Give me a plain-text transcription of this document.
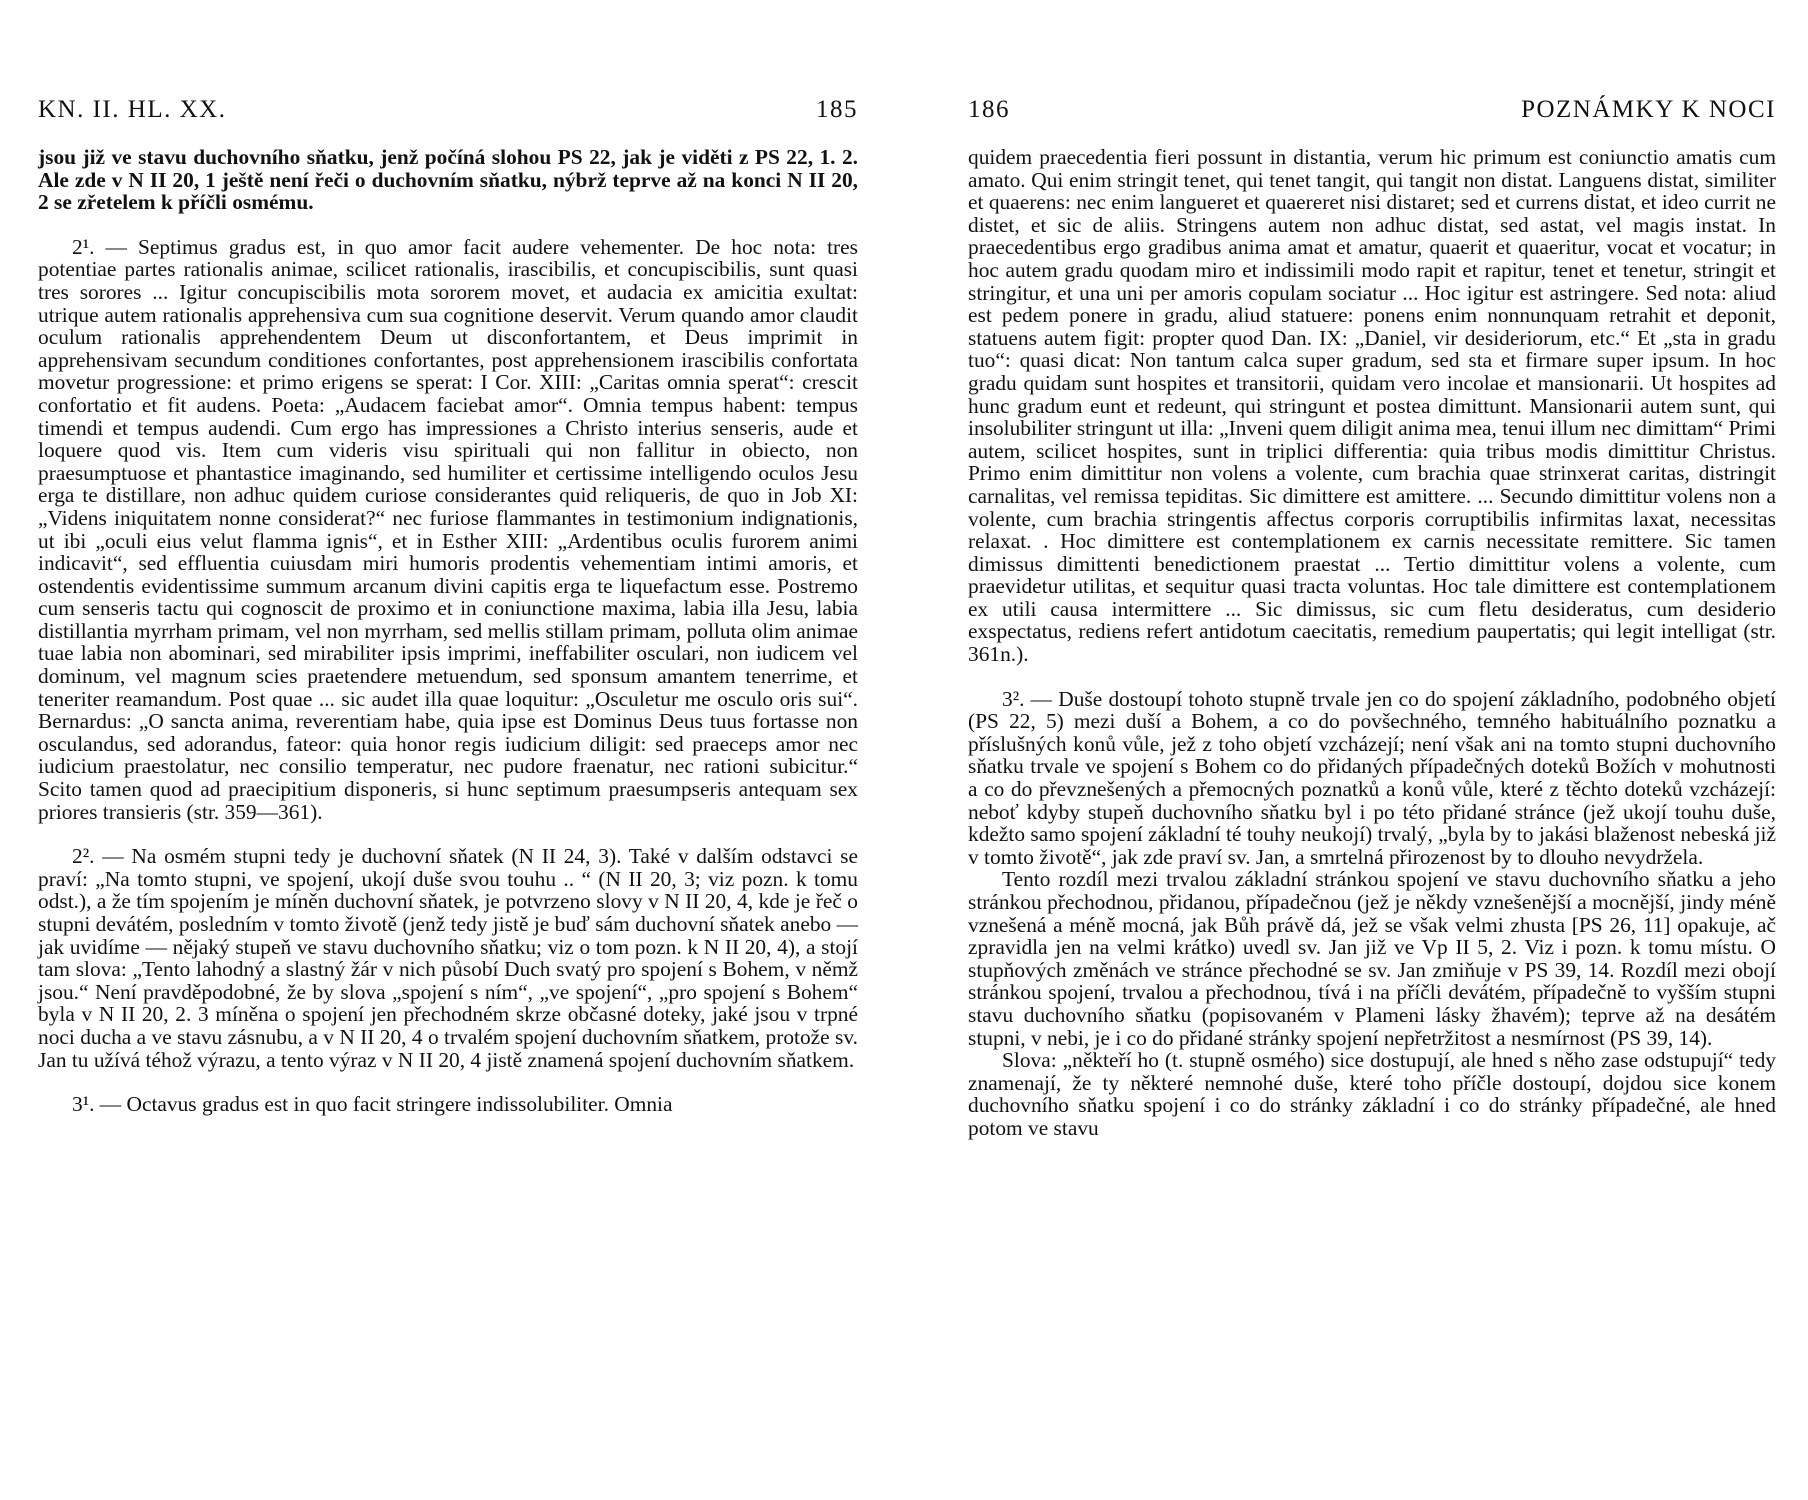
KN. II. HL. XX.	185

jsou již ve stavu duchovního sňatku, jenž počíná slohou PS 22, jak je viděti z PS 22, 1. 2. Ale zde v N II 20, 1 ještě není řeči o duchovním sňatku, nýbrž teprve až na konci N II 20, 2 se zřetelem k příčli osmému.

2¹. — Septimus gradus est, in quo amor facit audere vehementer. De hoc nota: tres potentiae partes rationalis animae, scilicet rationalis, irascibilis, et concupiscibilis, sunt quasi tres sorores ... Igitur concupiscibilis mota sororem movet, et audacia ex amicitia exultat: utrique autem rationalis apprehensiva cum sua cognitione deservit. Verum quando amor claudit oculum rationalis apprehendentem Deum ut disconfortantem, et Deus imprimit in apprehensivam secundum conditiones confortantes, post apprehensionem irascibilis confortata movetur progressione: et primo erigens se sperat: I Cor. XIII: „Caritas omnia sperat“: crescit confortatio et fit audens. Poeta: „Audacem faciebat amor“. Omnia tempus habent: tempus timendi et tempus audendi. Cum ergo has impressiones a Christo interius senseris, aude et loquere quod vis. Item cum videris visu spirituali qui non fallitur in obiecto, non praesumptuose et phantastice imaginando, sed humiliter et certissime intelligendo oculos Jesu erga te distillare, non adhuc quidem curiose considerantes quid reliqueris, de quo in Job XI: „Videns iniquitatem nonne considerat?“ nec furiose flammantes in testimonium indignationis, ut ibi „oculi eius velut flamma ignis“, et in Esther XIII: „Ardentibus oculis furorem animi indicavit“, sed effluentia cuiusdam miri humoris prodentis vehementiam intimi amoris, et ostendentis evidentissime summum arcanum divini capitis erga te liquefactum esse. Postremo cum senseris tactu qui cognoscit de proximo et in coniunctione maxima, labia illa Jesu, labia distillantia myrrham primam, vel non myrrham, sed mellis stillam primam, polluta olim animae tuae labia non abominari, sed mirabiliter ipsis imprimi, ineffabiliter osculari, non iudicem vel dominum, vel magnum scies praetendere metuendum, sed sponsum amantem tenerrime, et teneriter reamandum. Post quae ... sic audet illa quae loquitur: „Osculetur me osculo oris sui“. Bernardus: „O sancta anima, reverentiam habe, quia ipse est Dominus Deus tuus fortasse non osculandus, sed adorandus, fateor: quia honor regis iudicium diligit: sed praeceps amor nec iudicium praestolatur, nec consilio temperatur, nec pudore fraenatur, nec rationi subicitur.“ Scito tamen quod ad praecipitium disponeris, si hunc septimum praesumpseris antequam sex priores transieris (str. 359—361).

2². — Na osmém stupni tedy je duchovní sňatek (N II 24, 3). Také v dalším odstavci se praví: „Na tomto stupni, ve spojení, ukojí duše svou touhu .. “ (N II 20, 3; viz pozn. k tomu odst.), a že tím spojením je míněn duchovní sňatek, je potvrzeno slovy v N II 20, 4, kde je řeč o stupni devátém, posledním v tomto životě (jenž tedy jistě je buď sám duchovní sňatek anebo — jak uvidíme — nějaký stupeň ve stavu duchovního sňatku; viz o tom pozn. k N II 20, 4), a stojí tam slova: „Tento lahodný a slastný žár v nich působí Duch svatý pro spojení s Bohem, v němž jsou.“ Není pravděpodobné, že by slova „spojení s ním“, „ve spojení“, „pro spojení s Bohem“ byla v N II 20, 2. 3 míněna o spojení jen přechodném skrze občasné doteky, jaké jsou v trpné noci ducha a ve stavu zásnubu, a v N II 20, 4 o trvalém spojení duchovním sňatkem, protože sv. Jan tu užívá téhož výrazu, a tento výraz v N II 20, 4 jistě znamená spojení duchovním sňatkem.

3¹. — Octavus gradus est in quo facit stringere indissolubiliter. Omnia

186	POZNÁMKY K NOCI

quidem praecedentia fieri possunt in distantia, verum hic primum est coniunctio amatis cum amato. Qui enim stringit tenet, qui tenet tangit, qui tangit non distat. Languens distat, similiter et quaerens: nec enim langueret et quaereret nisi distaret; sed et currens distat, et ideo currit ne distet, et sic de aliis. Stringens autem non adhuc distat, sed astat, vel magis instat. In praecedentibus ergo gradibus anima amat et amatur, quaerit et quaeritur, vocat et vocatur; in hoc autem gradu quodam miro et indissimili modo rapit et rapitur, tenet et tenetur, stringit et stringitur, et una uni per amoris copulam sociatur ... Hoc igitur est astringere. Sed nota: aliud est pedem ponere in gradu, aliud statuere: ponens enim nonnunquam retrahit et deponit, statuens autem figit: propter quod Dan. IX: „Daniel, vir desideriorum, etc.“ Et „sta in gradu tuo“: quasi dicat: Non tantum calca super gradum, sed sta et firmare super ipsum. In hoc gradu quidam sunt hospites et transitorii, quidam vero incolae et mansionarii. Ut hospites ad hunc gradum eunt et redeunt, qui stringunt et postea dimittunt. Mansionarii autem sunt, qui insolubiliter stringunt ut illa: „Inveni quem diligit anima mea, tenui illum nec dimittam“ Primi autem, scilicet hospites, sunt in triplici differentia: quia tribus modis dimittitur Christus. Primo enim dimittitur non volens a volente, cum brachia quae strinxerat caritas, distringit carnalitas, vel remissa tepiditas. Sic dimittere est amittere. ... Secundo dimittitur volens non a volente, cum brachia stringentis affectus corporis corruptibilis infirmitas laxat, necessitas relaxat. . Hoc dimittere est contemplationem ex carnis necessitate remittere. Sic tamen dimissus dimittenti benedictionem praestat ... Tertio dimittitur volens a volente, cum praevidetur utilitas, et sequitur quasi tracta voluntas. Hoc tale dimittere est contemplationem ex utili causa intermittere ... Sic dimissus, sic cum fletu desideratus, cum desiderio exspectatus, rediens refert antidotum caecitatis, remedium paupertatis; qui legit intelligat (str. 361n.).

3². — Duše dostoupí tohoto stupně trvale jen co do spojení základního, podobného objetí (PS 22, 5) mezi duší a Bohem, a co do povšechného, temného habituálního poznatku a příslušných konů vůle, jež z toho objetí vzcházejí; není však ani na tomto stupni duchovního sňatku trvale ve spojení s Bohem co do přidaných případečných doteků Božích v mohutnosti a co do převznešených a přemocných poznatků a konů vůle, které z těchto doteků vzcházejí: neboť kdyby stupeň duchovního sňatku byl i po této přidané stránce (jež ukojí touhu duše, kdežto samo spojení základní té touhy neukojí) trvalý, „byla by to jakási blaženost nebeská již v tomto životě“, jak zde praví sv. Jan, a smrtelná přirozenost by to dlouho nevydržela.

Tento rozdíl mezi trvalou základní stránkou spojení ve stavu duchovního sňatku a jeho stránkou přechodnou, přidanou, případečnou (jež je někdy vznešenější a mocnější, jindy méně vznešená a méně mocná, jak Bůh právě dá, jež se však velmi zhusta [PS 26, 11] opakuje, ač zpravidla jen na velmi krátko) uvedl sv. Jan již ve Vp II 5, 2. Viz i pozn. k tomu místu. O stupňových změnách ve stránce přechodné se sv. Jan zmiňuje v PS 39, 14. Rozdíl mezi obojí stránkou spojení, trvalou a přechodnou, tívá i na příčli devátém, případečně to vyšším stupni stavu duchovního sňatku (popisovaném v Plameni lásky žhavém); teprve až na desátém stupni, v nebi, je i co do přidané stránky spojení nepřetržitost a nesmírnost (PS 39, 14).

Slova: „někteří ho (t. stupně osmého) sice dostupují, ale hned s něho zase odstupují“ tedy znamenají, že ty některé nemnohé duše, které toho příčle dostoupí, dojdou sice konem duchovního sňatku spojení i co do stránky základní i co do stránky případečné, ale hned potom ve stavu
